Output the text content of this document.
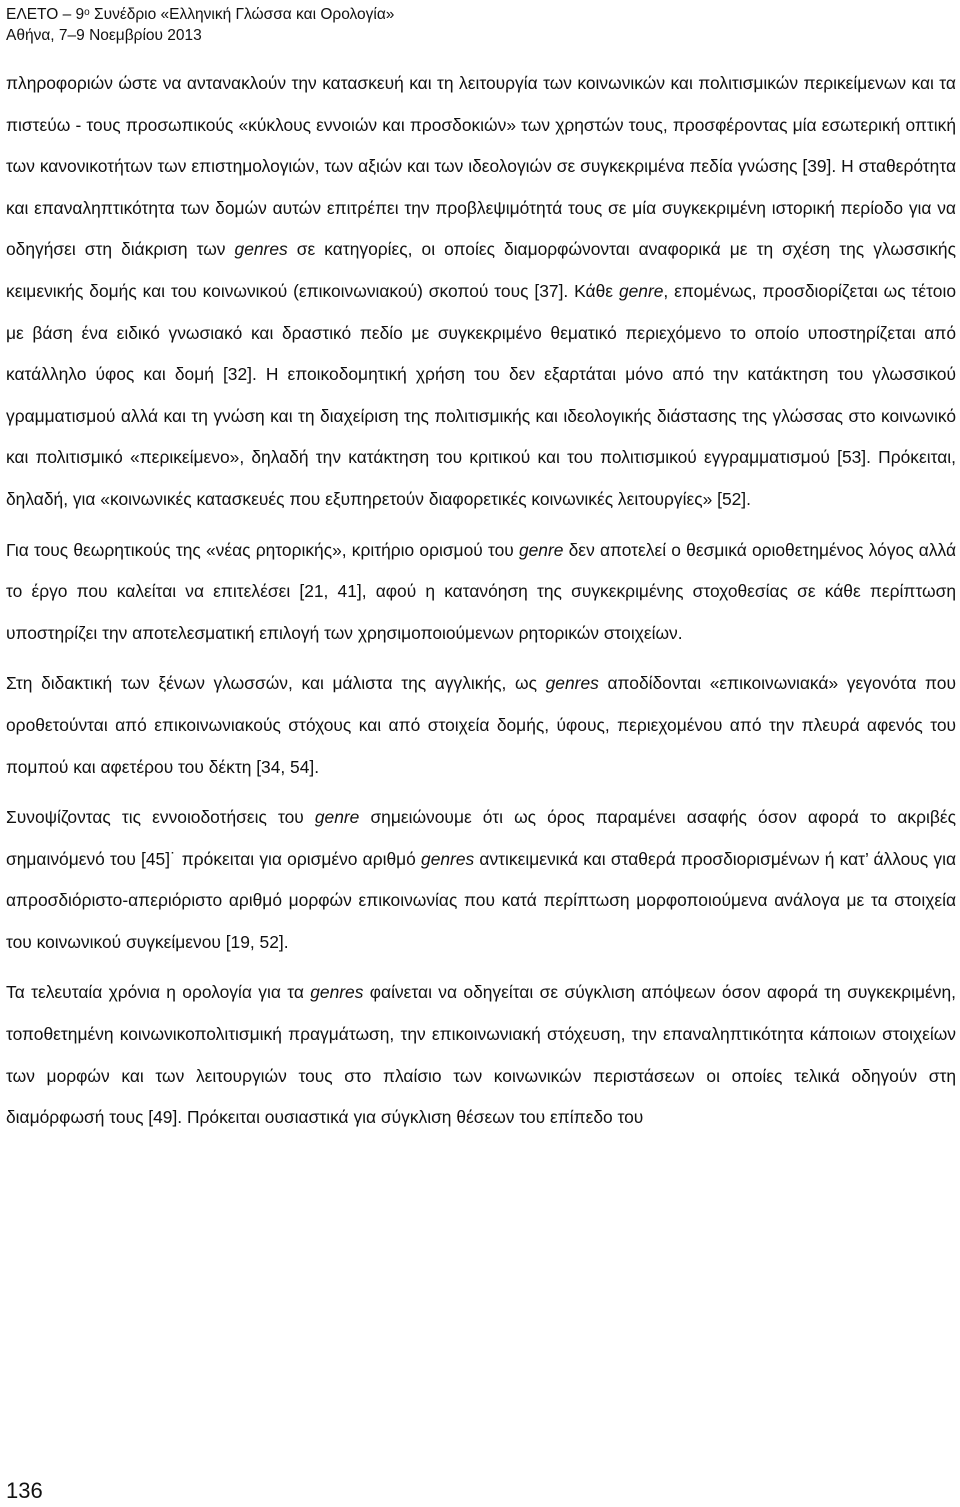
ΕΛΕΤΟ – $9^o$ Συνέδριο «Ελληνική Γλώσσα και Ορολογία»
Αθήνα, 7–9 Νοεμβρίου 2013

πληροφοριών ώστε να αντανακλούν την κατασκευή και τη λειτουργία των κοινωνικών και πολιτισμικών περικείμενων και τα πιστεύω - τους προσωπικούς «κύκλους εννοιών και προσδοκιών» των χρηστών τους, προσφέροντας μία εσωτερική οπτική των κανονικοτήτων των επιστημολογιών, των αξιών και των ιδεολογιών σε συγκεκριμένα πεδία γνώσης [39]. Η σταθερότητα και επαναληπτικότητα των δομών αυτών επιτρέπει την προβλεψιμότητά τους σε μία συγκεκριμένη ιστορική περίοδο για να οδηγήσει στη διάκριση των genres σε κατηγορίες, οι οποίες διαμορφώνονται αναφορικά με τη σχέση της γλωσσικής κειμενικής δομής και του κοινωνικού (επικοινωνιακού) σκοπού τους [37]. Κάθε genre, επομένως, προσδιορίζεται ως τέτοιο με βάση ένα ειδικό γνωσιακό και δραστικό πεδίο με συγκεκριμένο θεματικό περιεχόμενο το οποίο υποστηρίζεται από κατάλληλο ύφος και δομή [32]. Η εποικοδομητική χρήση του δεν εξαρτάται μόνο από την κατάκτηση του γλωσσικού γραμματισμού αλλά και τη γνώση και τη διαχείριση της πολιτισμικής και ιδεολογικής διάστασης της γλώσσας στο κοινωνικό και πολιτισμικό «περικείμενο», δηλαδή την κατάκτηση του κριτικού και του πολιτισμικού εγγραμματισμού [53]. Πρόκειται, δηλαδή, για «κοινωνικές κατασκευές που εξυπηρετούν διαφορετικές κοινωνικές λειτουργίες» [52].

Για τους θεωρητικούς της «νέας ρητορικής», κριτήριο ορισμού του genre δεν αποτελεί ο θεσμικά οριοθετημένος λόγος αλλά το έργο που καλείται να επιτελέσει [21, 41], αφού η κατανόηση της συγκεκριμένης στοχοθεσίας σε κάθε περίπτωση υποστηρίζει την αποτελεσματική επιλογή των χρησιμοποιούμενων ρητορικών στοιχείων.

Στη διδακτική των ξένων γλωσσών, και μάλιστα της αγγλικής, ως genres αποδίδονται «επικοινωνιακά» γεγονότα που οροθετούνται από επικοινωνιακούς στόχους και από στοιχεία δομής, ύφους, περιεχομένου από την πλευρά αφενός του πομπού και αφετέρου του δέκτη [34, 54].

Συνοψίζοντας τις εννοιοδοτήσεις του genre σημειώνουμε ότι ως όρος παραμένει ασαφής όσον αφορά το ακριβές σημαινόμενό του [45]˙ πρόκειται για ορισμένο αριθμό genres αντικειμενικά και σταθερά προσδιορισμένων ή κατ’ άλλους για απροσδιόριστο-απεριόριστο αριθμό μορφών επικοινωνίας που κατά περίπτωση μορφοποιούμενα ανάλογα με τα στοιχεία του κοινωνικού συγκείμενου [19, 52].

Τα τελευταία χρόνια η ορολογία για τα genres φαίνεται να οδηγείται σε σύγκλιση απόψεων όσον αφορά τη συγκεκριμένη, τοποθετημένη κοινωνικοπολιτισμική πραγμάτωση, την επικοινωνιακή στόχευση, την επαναληπτικότητα κάποιων στοιχείων των μορφών και των λειτουργιών τους στο πλαίσιο των κοινωνικών περιστάσεων οι οποίες τελικά οδηγούν στη διαμόρφωσή τους [49]. Πρόκειται ουσιαστικά για σύγκλιση θέσεων του επίπεδο του

136
